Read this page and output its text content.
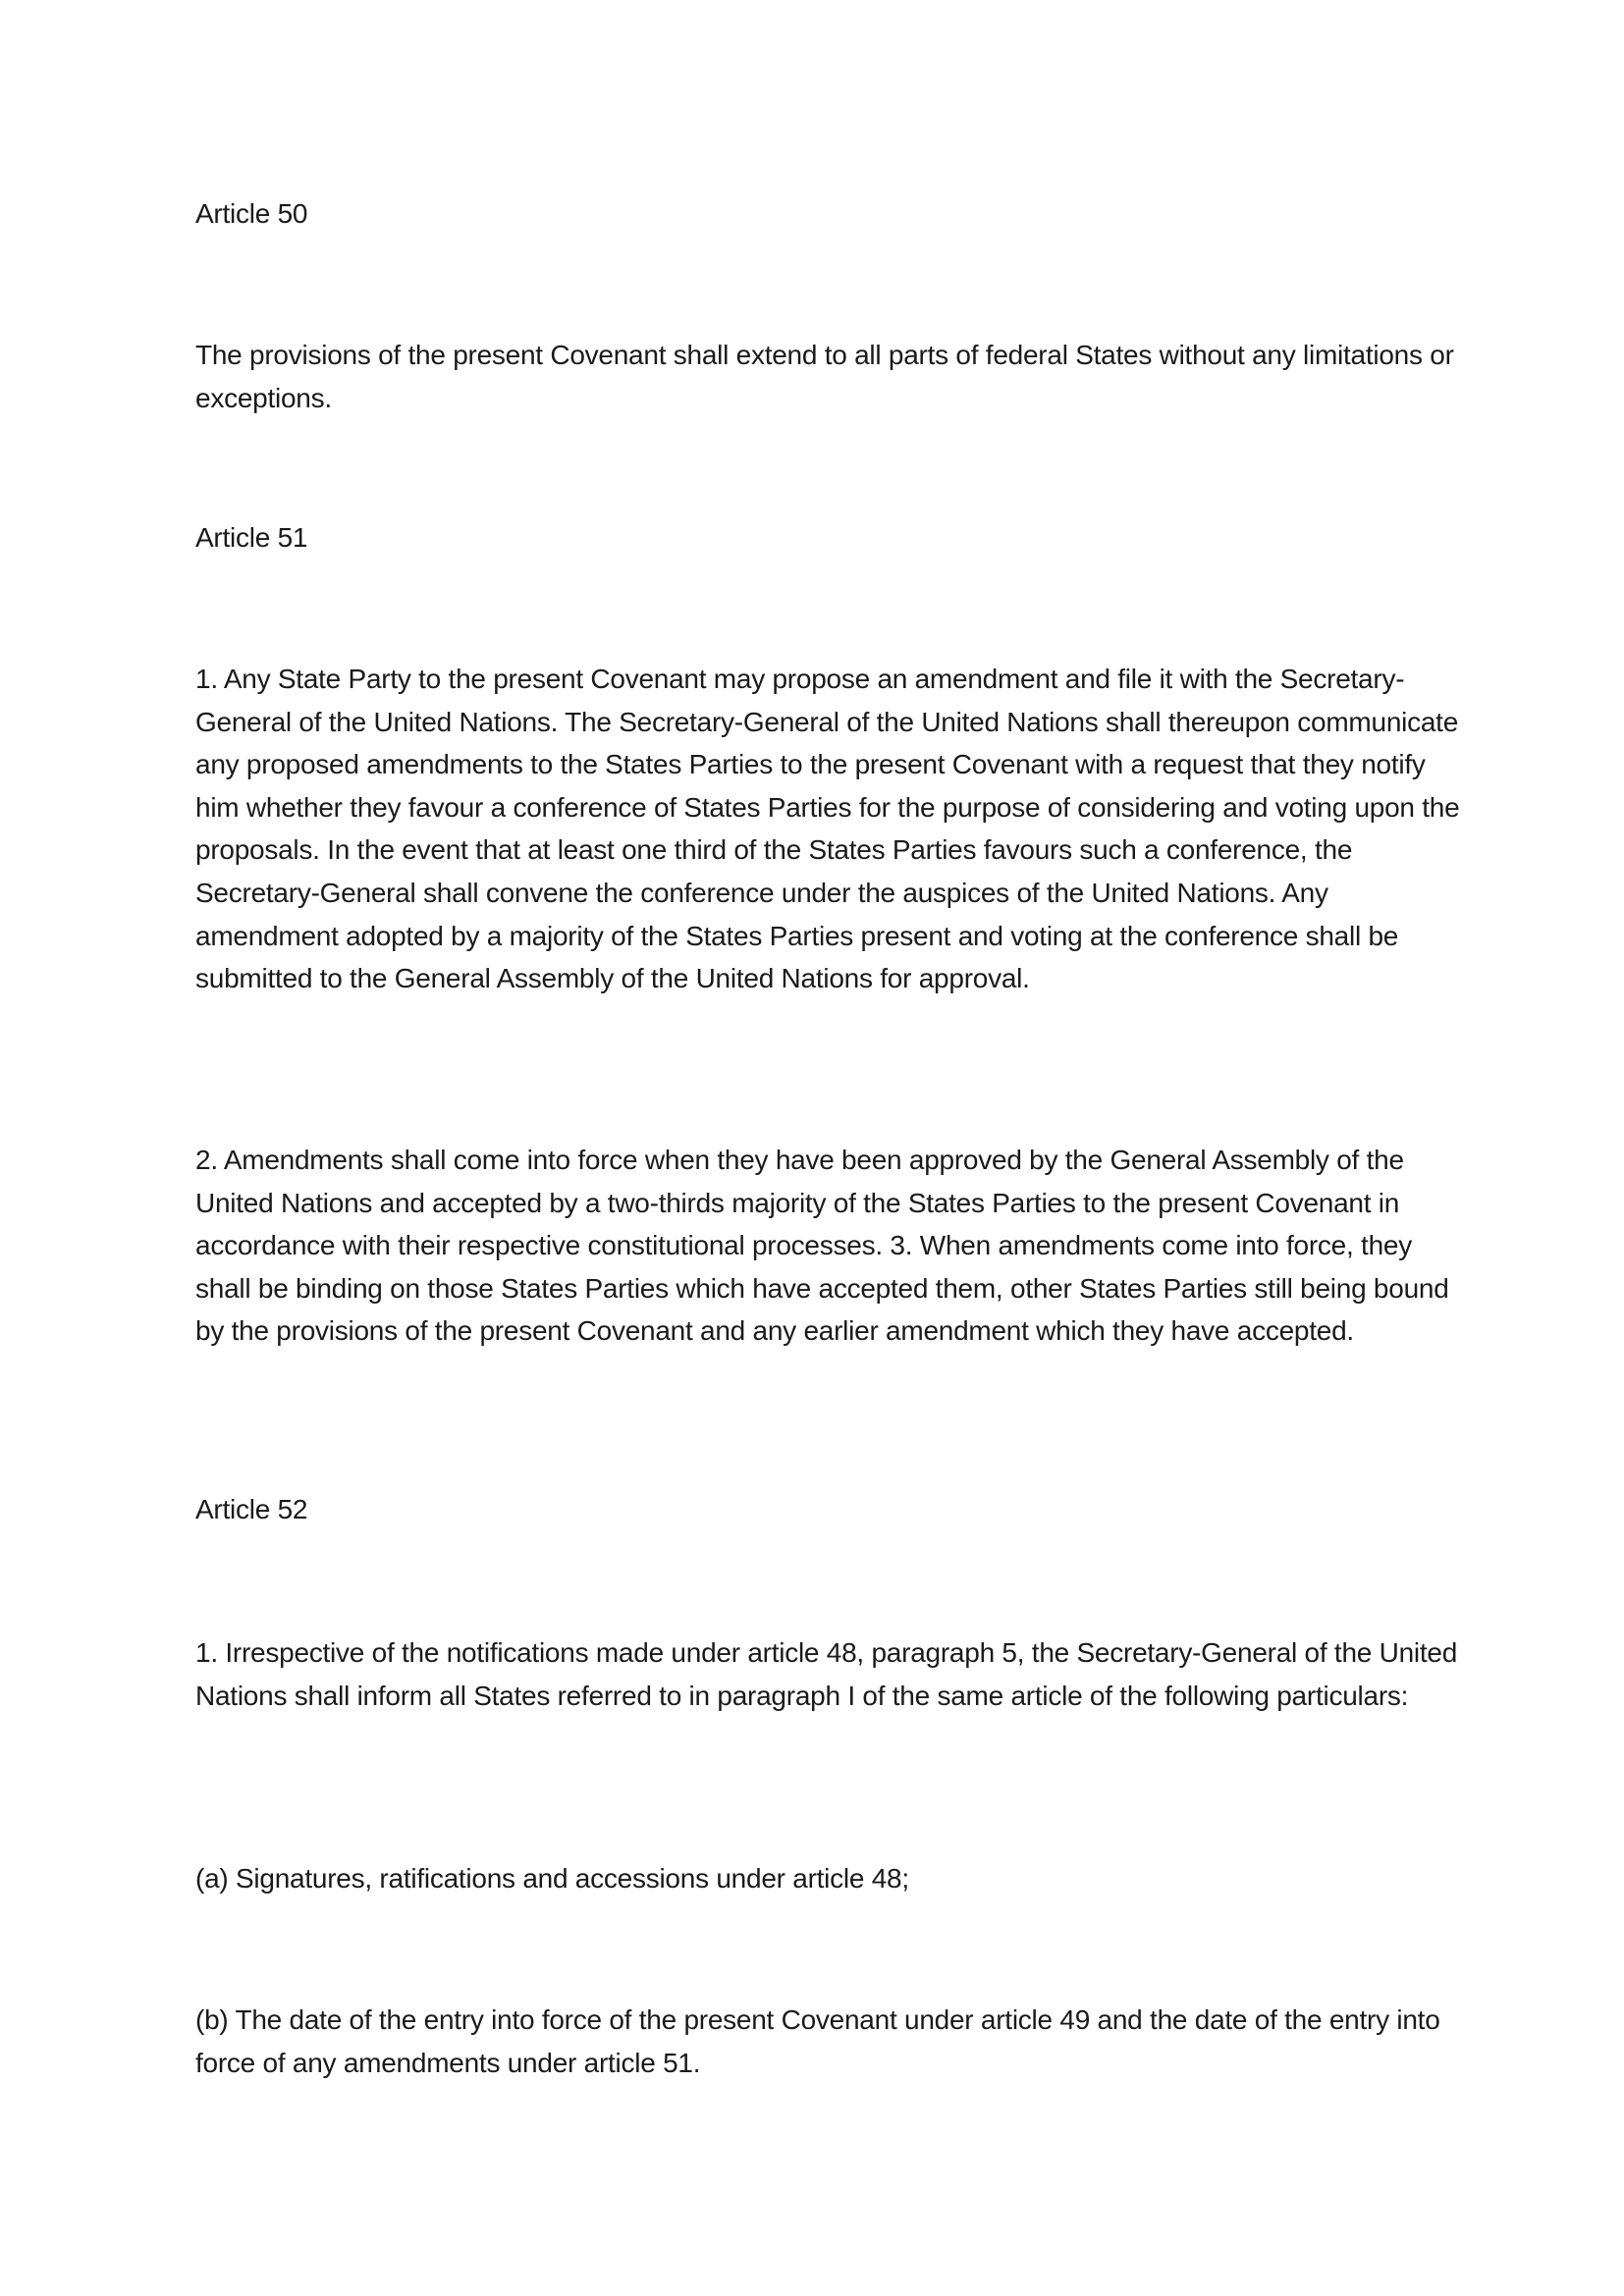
Article 50

The provisions of the present Covenant shall extend to all parts of federal States without any limitations or exceptions.

Article 51

1. Any State Party to the present Covenant may propose an amendment and file it with the Secretary-General of the United Nations. The Secretary-General of the United Nations shall thereupon communicate any proposed amendments to the States Parties to the present Covenant with a request that they notify him whether they favour a conference of States Parties for the purpose of considering and voting upon the proposals. In the event that at least one third of the States Parties favours such a conference, the Secretary-General shall convene the conference under the auspices of the United Nations. Any amendment adopted by a majority of the States Parties present and voting at the conference shall be submitted to the General Assembly of the United Nations for approval.

2. Amendments shall come into force when they have been approved by the General Assembly of the United Nations and accepted by a two-thirds majority of the States Parties to the present Covenant in accordance with their respective constitutional processes. 3. When amendments come into force, they shall be binding on those States Parties which have accepted them, other States Parties still being bound by the provisions of the present Covenant and any earlier amendment which they have accepted.

Article 52

1. Irrespective of the notifications made under article 48, paragraph 5, the Secretary-General of the United Nations shall inform all States referred to in paragraph I of the same article of the following particulars:

(a) Signatures, ratifications and accessions under article 48;

(b) The date of the entry into force of the present Covenant under article 49 and the date of the entry into force of any amendments under article 51.
